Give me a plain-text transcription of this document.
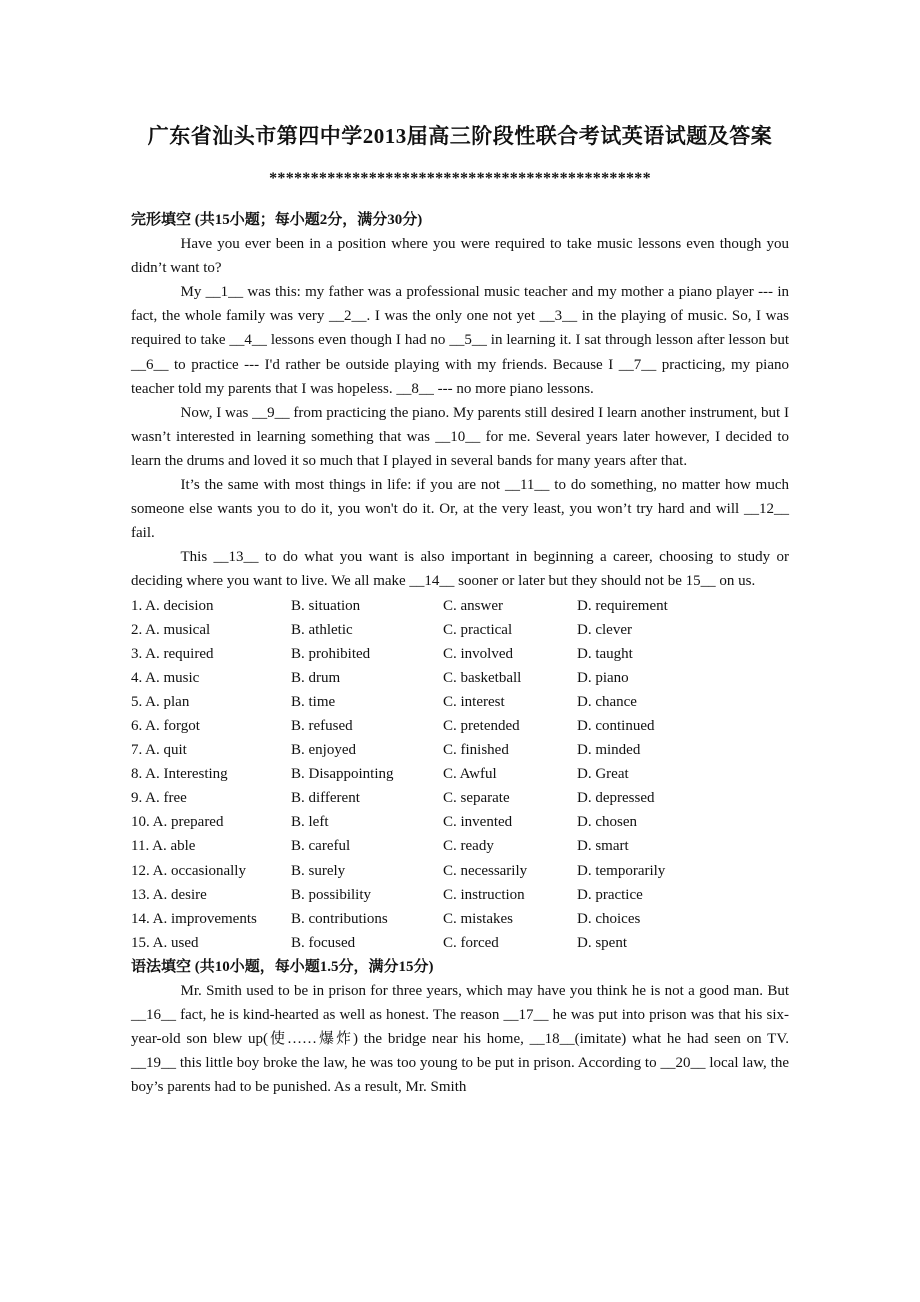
广东省汕头市第四中学2013届高三阶段性联合考试英语试题及答案
**********************************************
完形填空 (共15小题；每小题2分，满分30分)

Have you ever been in a position where you were required to take music lessons even though you didn’t want to?

My __1__ was this: my father was a professional music teacher and my mother a piano player --- in fact, the whole family was very __2__. I was the only one not yet __3__ in the playing of music. So, I was required to take __4__ lessons even though I had no __5__ in learning it. I sat through lesson after lesson but __6__ to practice --- I'd rather be outside playing with my friends. Because I __7__ practicing, my piano teacher told my parents that I was hopeless. __8__ --- no more piano lessons.

Now, I was __9__ from practicing the piano. My parents still desired I learn another instrument, but I wasn’t interested in learning something that was __10__ for me. Several years later however, I decided to learn the drums and loved it so much that I played in several bands for many years after that.

It’s the same with most things in life: if you are not __11__ to do something, no matter how much someone else wants you to do it, you won't do it. Or, at the very least, you won’t try hard and will __12__ fail.

This __13__ to do what you want is also important in beginning a career, choosing to study or deciding where you want to live. We all make __14__ sooner or later but they should not be 15__ on us.

1. A. decision	B. situation	C. answer	D. requirement
2. A. musical	B. athletic	C. practical	D. clever
3. A. required	B. prohibited	C. involved	D. taught
4. A. music	B. drum	C. basketball	D. piano
5. A. plan	B. time	C. interest	D. chance
6. A. forgot	B. refused	C. pretended	D. continued
7. A. quit	B. enjoyed	C. finished	D. minded
8. A. Interesting	B. Disappointing	C. Awful	D. Great
9. A. free	B. different	C. separate	D. depressed
10. A. prepared	B. left	C. invented	D. chosen
11. A. able	B. careful	C. ready	D. smart
12. A. occasionally	B. surely	C. necessarily	D. temporarily
13. A. desire	B. possibility	C. instruction	D. practice
14. A. improvements	B. contributions	C. mistakes	D. choices
15. A. used	B. focused	C. forced	D. spent
语法填空 (共10小题，每小题1.5分，满分15分)

Mr. Smith used to be in prison for three years, which may have you think he is not a good man. But __16__ fact, he is kind-hearted as well as honest. The reason __17__ he was put into prison was that his six-year-old son blew up(使……爆炸) the bridge near his home, __18__(imitate) what he had seen on TV. __19__ this little boy broke the law, he was too young to be put in prison. According to __20__ local law, the boy’s parents had to be punished. As a result, Mr. Smith
